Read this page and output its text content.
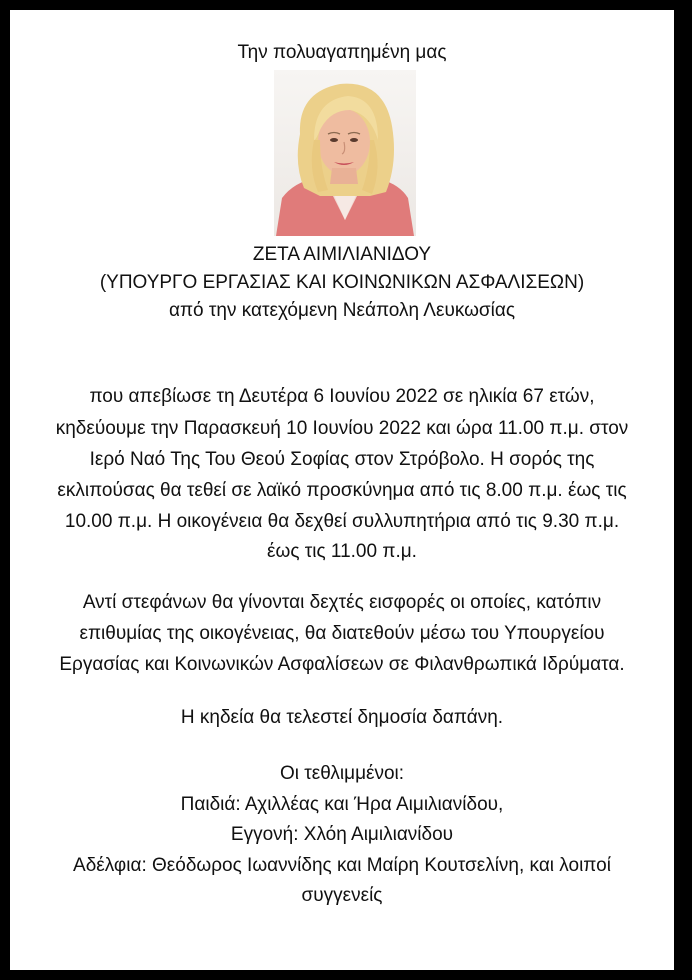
Την πολυαγαπημένη μας
ΖΕΤΑ ΑΙΜΙΛΙΑΝΙΔΟΥ
(ΥΠΟΥΡΓΟ ΕΡΓΑΣΙΑΣ ΚΑΙ ΚΟΙΝΩΝΙΚΩΝ ΑΣΦΑΛΙΣΕΩΝ)
από την κατεχόμενη Νεάπολη Λευκωσίας
που απεβίωσε τη Δευτέρα 6 Ιουνίου 2022 σε ηλικία 67 ετών,
κηδεύουμε την Παρασκευή 10 Ιουνίου 2022 και ώρα 11.00 π.μ. στον
Ιερό Ναό Της Του Θεού Σοφίας στον Στρόβολο. Η σορός της
εκλιπούσας θα τεθεί σε λαϊκό προσκύνημα από τις 8.00 π.μ. έως τις
10.00 π.μ. Η οικογένεια θα δεχθεί συλλυπητήρια από τις 9.30 π.μ.
έως τις 11.00 π.μ.
Αντί στεφάνων θα γίνονται δεχτές εισφορές οι οποίες, κατόπιν
επιθυμίας της οικογένειας, θα διατεθούν μέσω του Υπουργείου
Εργασίας και Κοινωνικών Ασφαλίσεων σε Φιλανθρωπικά Ιδρύματα.
Η κηδεία θα τελεστεί δημοσία δαπάνη.
Οι τεθλιμμένοι:
Παιδιά: Αχιλλέας και Ήρα Αιμιλιανίδου,
Εγγονή: Χλόη Αιμιλιανίδου
Αδέλφια: Θεόδωρος Ιωαννίδης και Μαίρη Κουτσελίνη, και λοιποί
συγγενείς
